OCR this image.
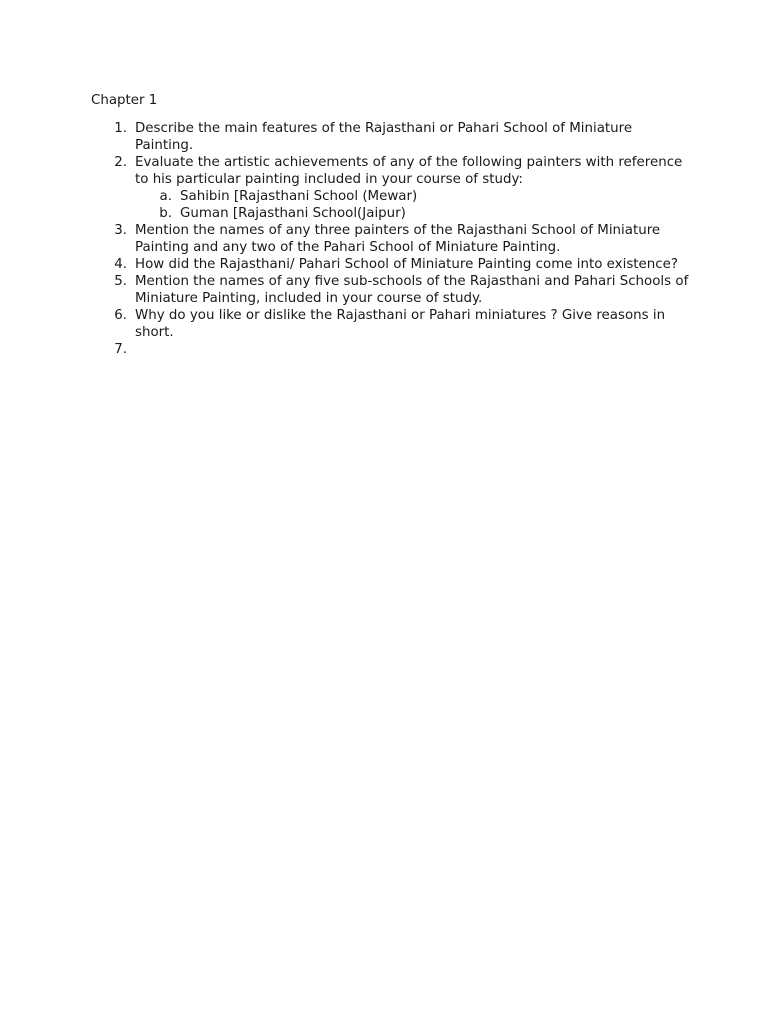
Chapter 1
1. Describe the main features of the Rajasthani or Pahari School of Miniature Painting.
2. Evaluate the artistic achievements of any of the following painters with reference to his particular painting included in your course of study:
a. Sahibin [Rajasthani School (Mewar)
b. Guman [Rajasthani School(Jaipur)
3. Mention the names of any three painters of the Rajasthani School of Miniature Painting and any two of the Pahari School of Miniature Painting.
4. How did the Rajasthani/ Pahari School of Miniature Painting come into existence?
5. Mention the names of any five sub-schools of the Rajasthani and Pahari Schools of Miniature Painting, included in your course of study.
6. Why do you like or dislike the Rajasthani or Pahari miniatures ? Give reasons in short.
7.
